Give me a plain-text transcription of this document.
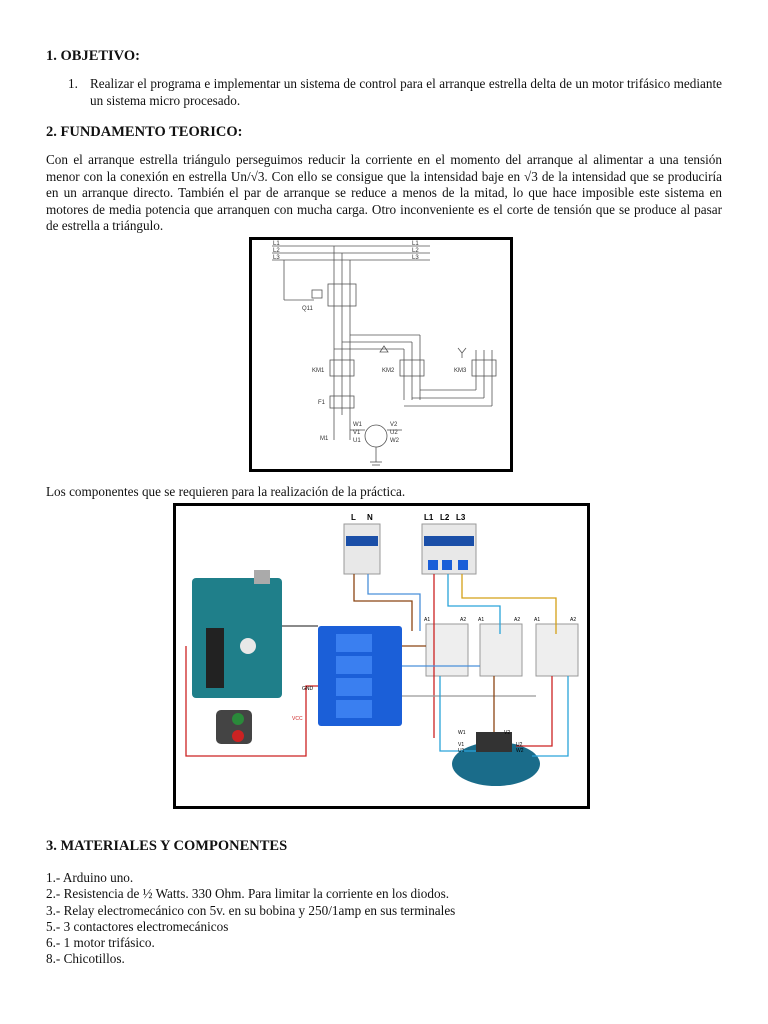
1. OBJETIVO:
1. Realizar el programa e implementar un sistema de control para el arranque estrella delta de un motor trifásico mediante un sistema micro procesado.
2. FUNDAMENTO TEORICO:

Con el arranque estrella triángulo perseguimos reducir la corriente en el momento del arranque al alimentar a una tensión menor con la conexión en estrella Un/√3. Con ello se consigue que la intensidad baje en √3 de la intensidad que se produciría en un arranque directo. También el par de arranque se reduce a menos de la mitad, lo que hace imposible este sistema en motores de media potencia que arranquen con mucha carga. Otro inconveniente es el corte de tensión que se produce al pasar de estrella a triángulo.

L1
L2
L3
L1
L2
L3
Q11
KM1	KM2	KM3
F1
M1
W1
V1
U1
V2
U2
W2

Los componentes que se requieren para la realización de la práctica.

L N	L1 L2 L3
A1	A2 A1	A2	A1	A2
GND
VCC
W1	V2
V1
U1
U2
W2
3. MATERIALES Y COMPONENTES
1.- Arduino uno.
2.- Resistencia de ½ Watts. 330 Ohm. Para limitar la corriente en los diodos.
3.- Relay electromecánico con 5v. en su bobina y 250/1amp en sus terminales
5.- 3 contactores electromecánicos
6.- 1 motor trifásico.
8.- Chicotillos.
